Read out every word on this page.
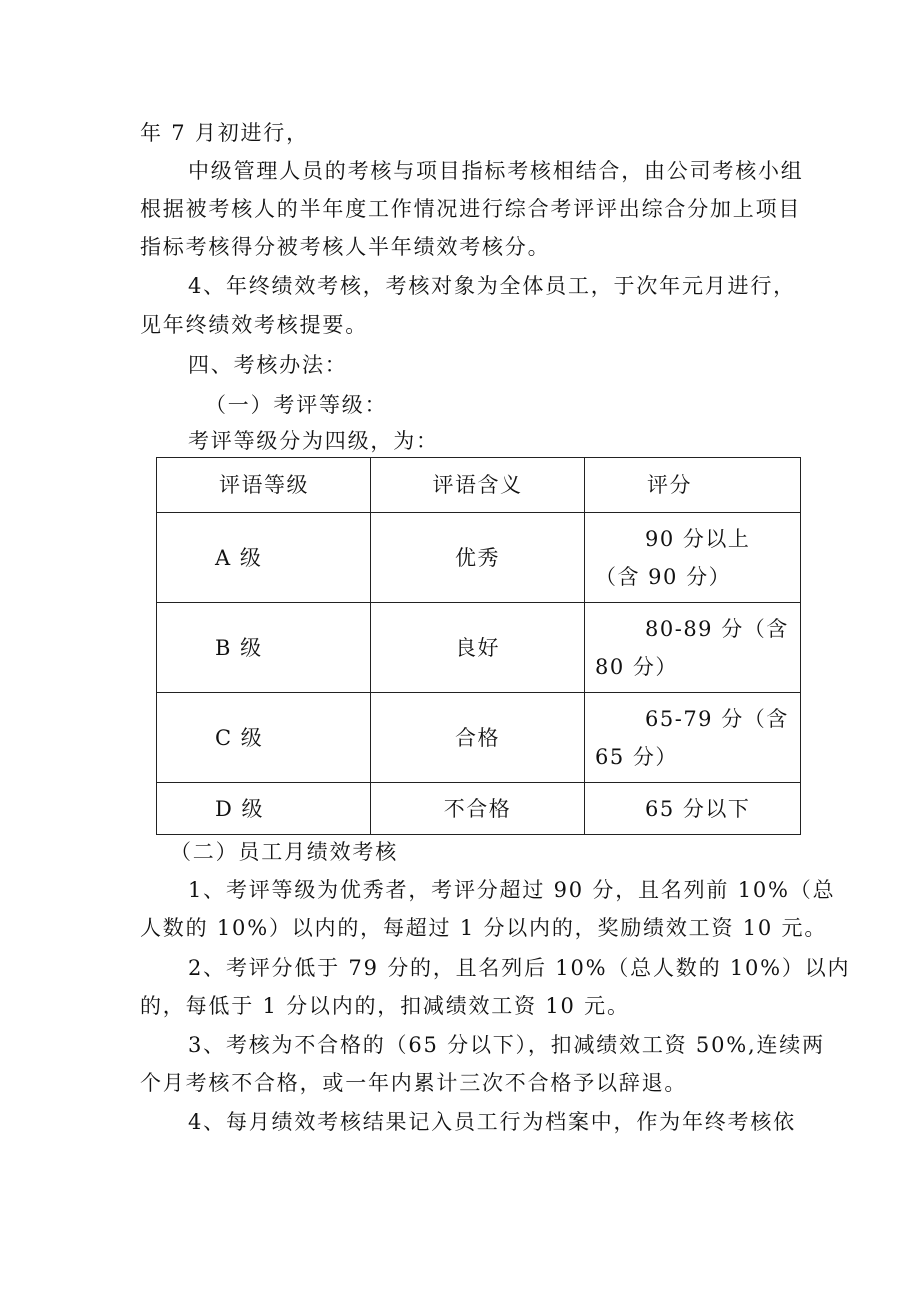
年 7 月初进行，
中级管理人员的考核与项目指标考核相结合，由公司考核小组
根据被考核人的半年度工作情况进行综合考评评出综合分加上项目
指标考核得分被考核人半年绩效考核分。
4、年终绩效考核，考核对象为全体员工，于次年元月进行，
见年终绩效考核提要。
四、考核办法：
（一）考评等级：
考评等级分为四级，为：
评语等级	评语含义	评分
A 级	优秀	90 分以上
（含 90 分）

B 级	良好	80-89 分（含
80 分）

C 级	合格	65-79 分（含
65 分）

D 级	不合格	65 分以下
（二）员工月绩效考核
1、考评等级为优秀者，考评分超过 90 分，且名列前 10%（总
人数的 10%）以内的，每超过 1 分以内的，奖励绩效工资 10 元。
2、考评分低于 79 分的，且名列后 10%（总人数的 10%）以内
的，每低于 1 分以内的，扣减绩效工资 10 元。
3、考核为不合格的（65 分以下），扣减绩效工资 50%,连续两
个月考核不合格，或一年内累计三次不合格予以辞退。
4、每月绩效考核结果记入员工行为档案中，作为年终考核依
